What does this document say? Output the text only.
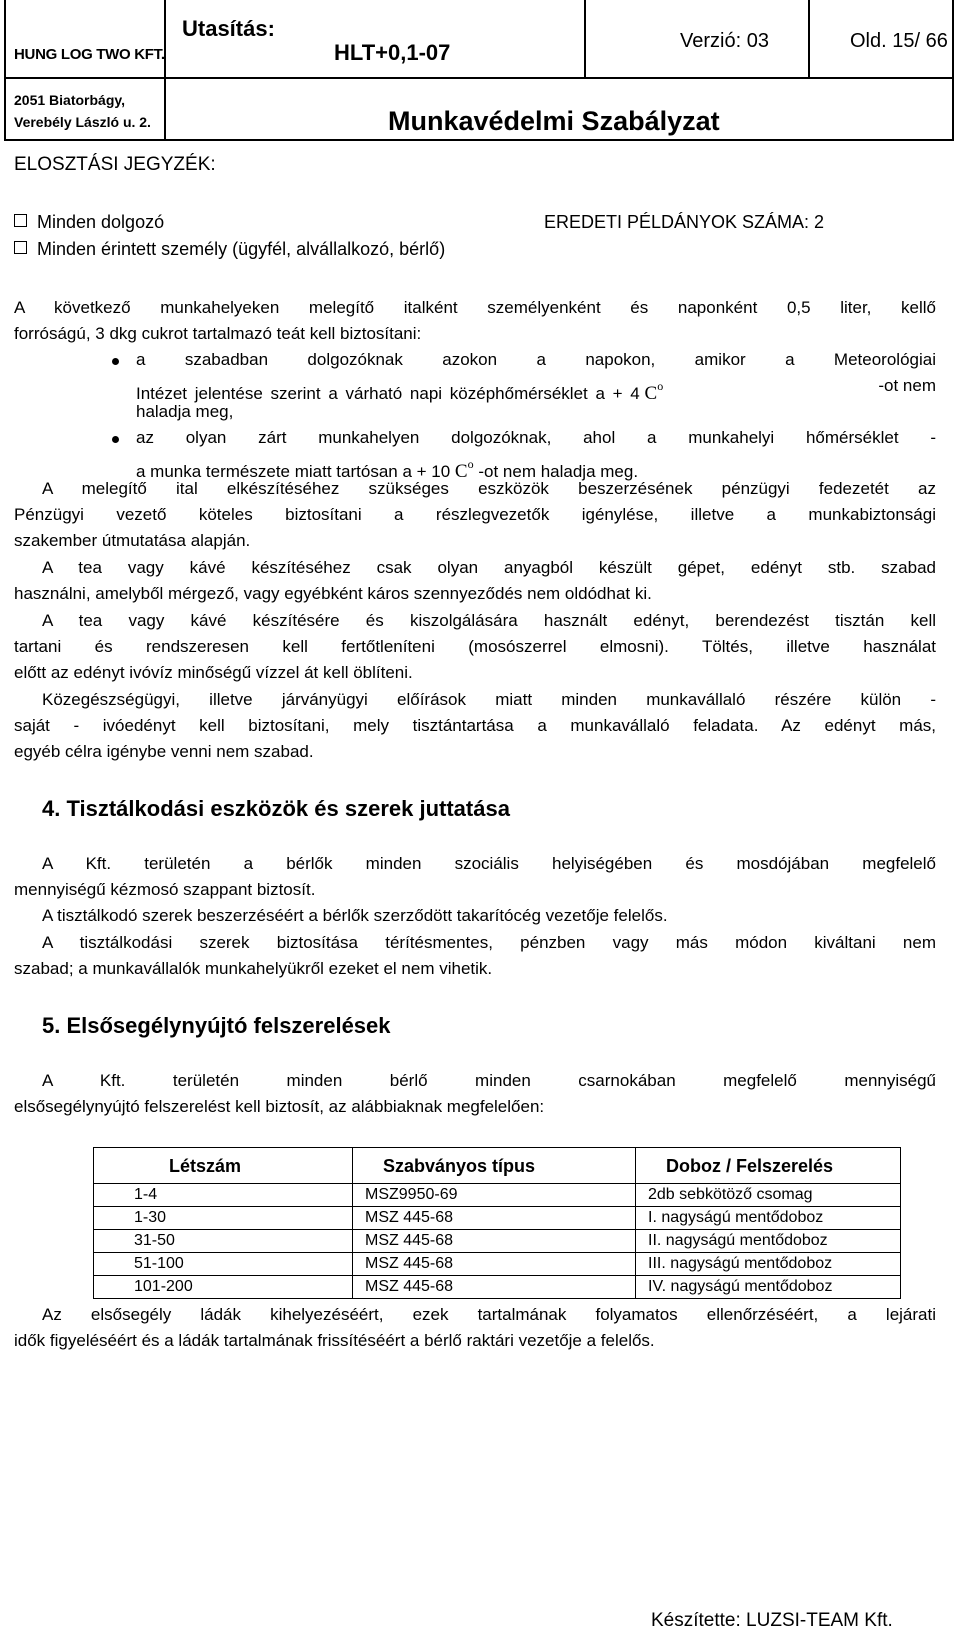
HUNG LOG TWO KFT.
2051 Biatorbágy,
Verebély László u. 2.
Utasítás:
HLT+0,1-07	Verzió: 03	Old. 15/ 66
Munkavédelmi Szabályzat
ELOSZTÁSI JEGYZÉK:
Minden dolgozó	EREDETI PÉLDÁNYOK SZÁMA: 2
Minden érintett személy (ügyfél, alvállalkozó, bérlő)
A következő munkahelyeken melegítő italként személyenként és naponként 0,5 liter, kellő
forróságú, 3 dkg cukrot tartalmazó teát kell biztosítani:
a szabadban dolgozóknak azokon a napokon, amikor a Meteorológiai
Intézet jelentése szerint a várható napi középhőmérséklet a + 4 $C^o$	-ot nem
haladja meg,
az olyan zárt munkahelyen dolgozóknak, ahol a munkahelyi hőmérséklet -
a munka természete miatt tartósan a + 10 $C^o$ -ot nem haladja meg.
A melegítő ital elkészítéséhez szükséges eszközök beszerzésének pénzügyi fedezetét az
Pénzügyi vezető köteles biztosítani a részlegvezetők igénylése, illetve a munkabiztonsági
szakember útmutatása alapján.
A tea vagy kávé készítéséhez csak olyan anyagból készült gépet, edényt stb. szabad
használni, amelyből mérgező, vagy egyébként káros szennyeződés nem oldódhat ki.
A tea vagy kávé készítésére és kiszolgálására használt edényt, berendezést tisztán kell
tartani és rendszeresen kell fertőtleníteni (mosószerrel elmosni). Töltés, illetve használat
előtt az edényt ivóvíz minőségű vízzel át kell öblíteni.
Közegészségügyi, illetve járványügyi előírások miatt minden munkavállaló részére külön -
saját - ivóedényt kell biztosítani, mely tisztántartása a munkavállaló feladata. Az edényt más,
egyéb célra igénybe venni nem szabad.
4. Tisztálkodási eszközök és szerek juttatása
A Kft. területén a bérlők minden szociális helyiségében és mosdójában megfelelő
mennyiségű kézmosó szappant biztosít.
A tisztálkodó szerek beszerzéséért a bérlők szerződött takarítócég vezetője felelős.
A tisztálkodási szerek biztosítása térítésmentes, pénzben vagy más módon kiváltani nem
szabad; a munkavállalók munkahelyükről ezeket el nem vihetik.
5. Elsősegélynyújtó felszerelések
A Kft. területén minden bérlő minden csarnokában megfelelő mennyiségű
elsősegélynyújtó felszerelést kell biztosít, az alábbiaknak megfelelően:
Létszám	Szabványos típus	Doboz / Felszerelés
1-4	MSZ9950-69	2db sebkötöző csomag
1-30	MSZ 445-68	I. nagyságú mentődoboz
31-50	MSZ 445-68	II. nagyságú mentődoboz
51-100	MSZ 445-68	III. nagyságú mentődoboz
101-200	MSZ 445-68	IV. nagyságú mentődoboz
Az elsősegély ládák kihelyezéséért, ezek tartalmának folyamatos ellenőrzéséért, a lejárati
idők figyeléséért és a ládák tartalmának frissítéséért a bérlő raktári vezetője a felelős.
Készítette: LUZSI-TEAM Kft.
